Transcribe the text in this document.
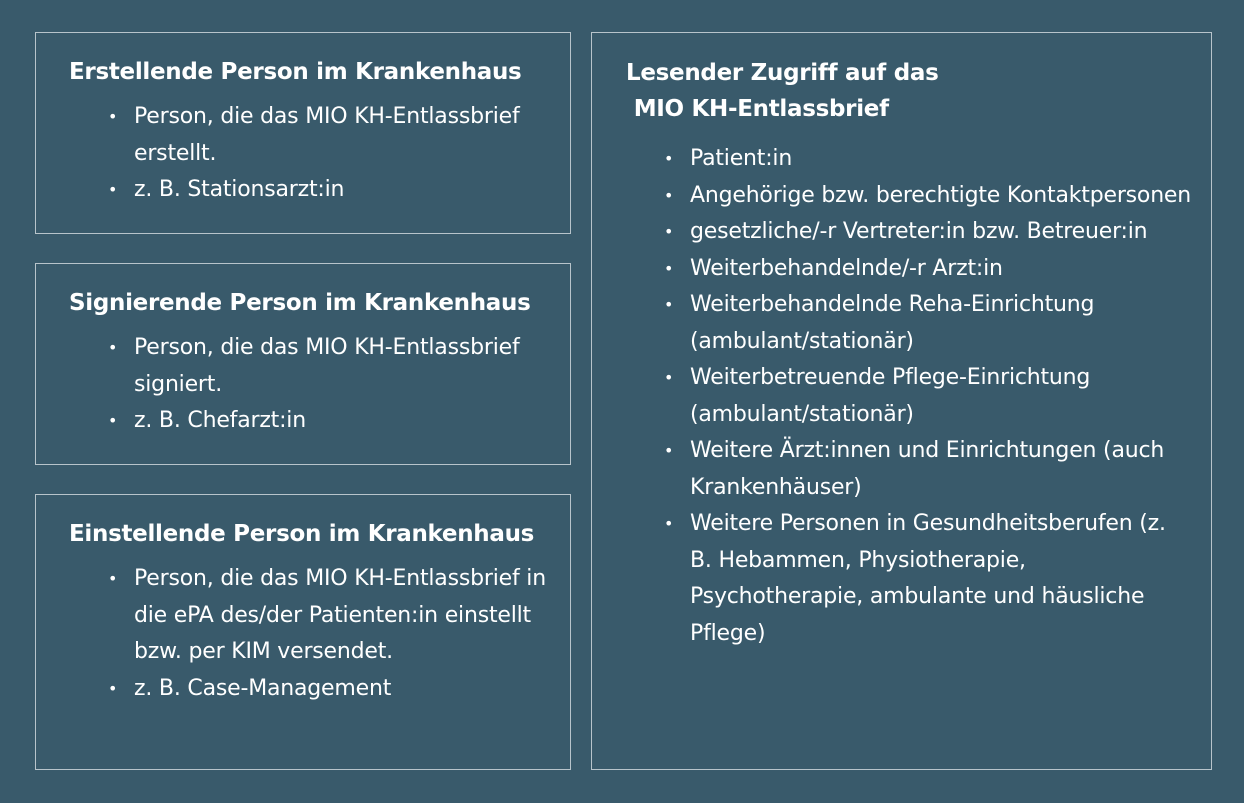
Erstellende Person im Krankenhaus
• Person, die das MIO KH-Entlassbrief erstellt.
• z. B. Stationsarzt:in
Signierende Person im Krankenhaus
• Person, die das MIO KH-Entlassbrief signiert.
• z. B. Chefarzt:in
Einstellende Person im Krankenhaus
• Person, die das MIO KH-Entlassbrief in die ePA des/der Patienten:in einstellt bzw. per KIM versendet.
• z. B. Case-Management
Lesender Zugriff auf das
MIO KH-Entlassbrief
• Patient:in
• Angehörige bzw. berechtigte Kontaktpersonen
• gesetzliche/-r Vertreter:in bzw. Betreuer:in
• Weiterbehandelnde/-r Arzt:in
• Weiterbehandelnde Reha-Einrichtung (ambulant/stationär)
• Weiterbetreuende Pflege-Einrichtung (ambulant/stationär)
• Weitere Ärzt:innen und Einrichtungen (auch Krankenhäuser)
• Weitere Personen in Gesundheitsberufen (z. B. Hebammen, Physiotherapie, Psychotherapie, ambulante und häusliche Pflege)
